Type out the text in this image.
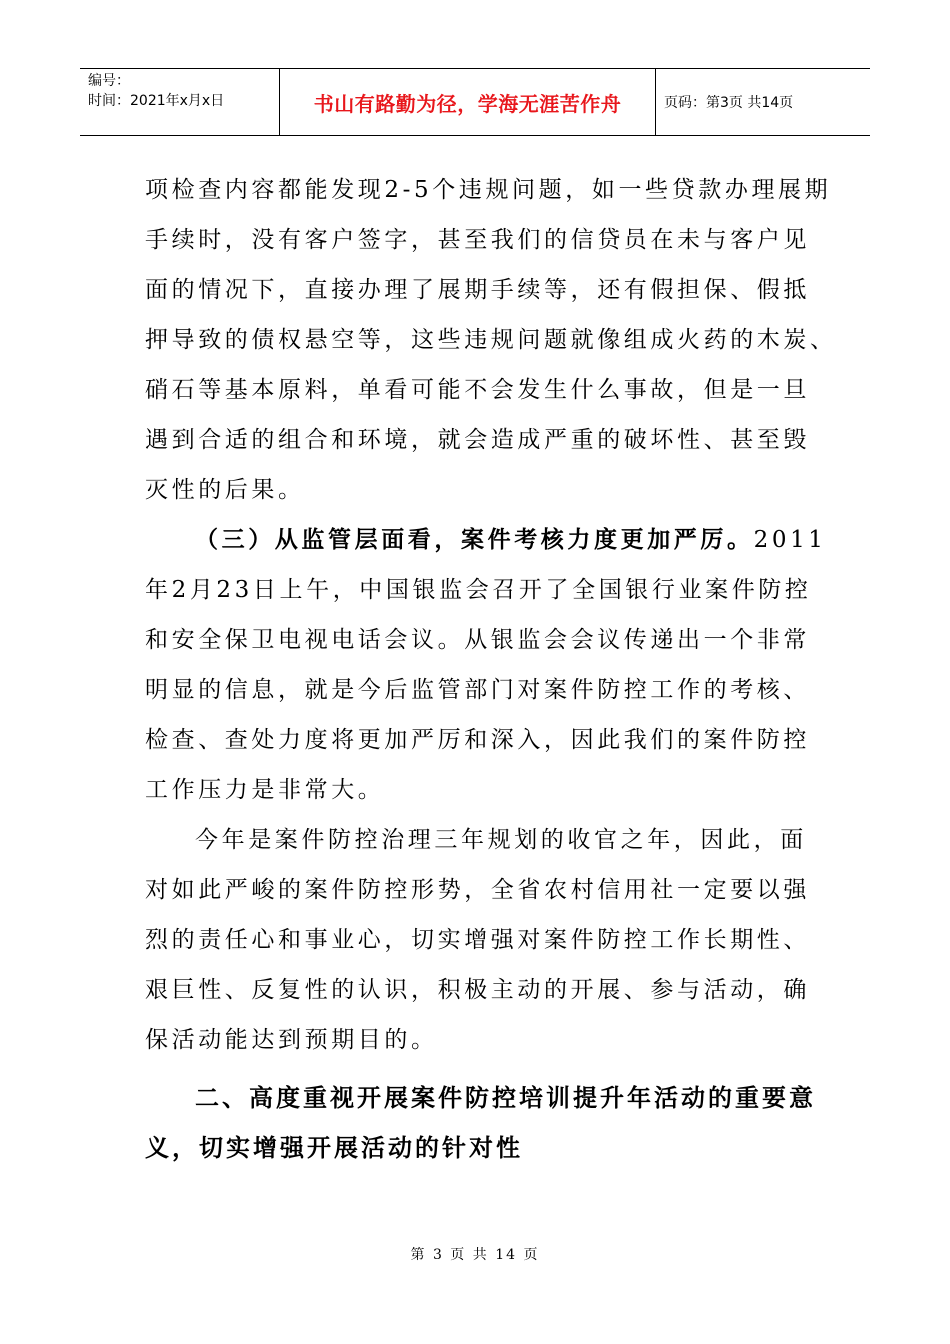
编号：
时间：2021年x月x日	书山有路勤为径，学海无涯苦作舟	页码：第3页 共14页
项检查内容都能发现2-5个违规问题，如一些贷款办理展期
手续时，没有客户签字，甚至我们的信贷员在未与客户见
面的情况下，直接办理了展期手续等，还有假担保、假抵
押导致的债权悬空等，这些违规问题就像组成火药的木炭、
硝石等基本原料，单看可能不会发生什么事故，但是一旦
遇到合适的组合和环境，就会造成严重的破坏性、甚至毁
灭性的后果。
（三）从监管层面看，案件考核力度更加严厉。2011
年2月23日上午，中国银监会召开了全国银行业案件防控
和安全保卫电视电话会议。从银监会会议传递出一个非常
明显的信息，就是今后监管部门对案件防控工作的考核、
检查、查处力度将更加严厉和深入，因此我们的案件防控
工作压力是非常大。
今年是案件防控治理三年规划的收官之年，因此，面
对如此严峻的案件防控形势，全省农村信用社一定要以强
烈的责任心和事业心，切实增强对案件防控工作长期性、
艰巨性、反复性的认识，积极主动的开展、参与活动，确
保活动能达到预期目的。
二、高度重视开展案件防控培训提升年活动的重要意
义，切实增强开展活动的针对性
第 3 页 共 14 页
